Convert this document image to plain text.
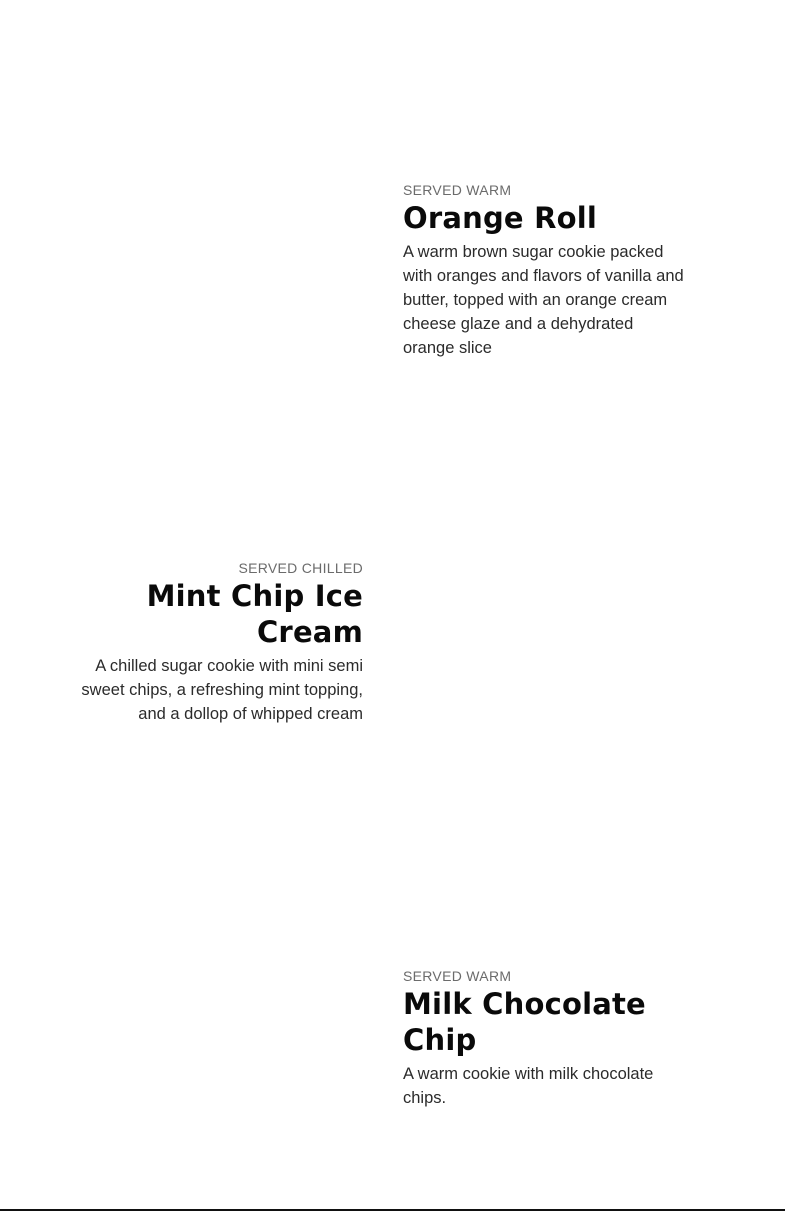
SERVED WARM
Orange Roll

A warm brown sugar cookie packed with oranges and flavors of vanilla and butter, topped with an orange cream cheese glaze and a dehydrated orange slice

SERVED CHILLED
Mint Chip Ice Cream

A chilled sugar cookie with mini semi sweet chips, a refreshing mint topping, and a dollop of whipped cream

SERVED WARM
Milk Chocolate Chip

A warm cookie with milk chocolate chips.
